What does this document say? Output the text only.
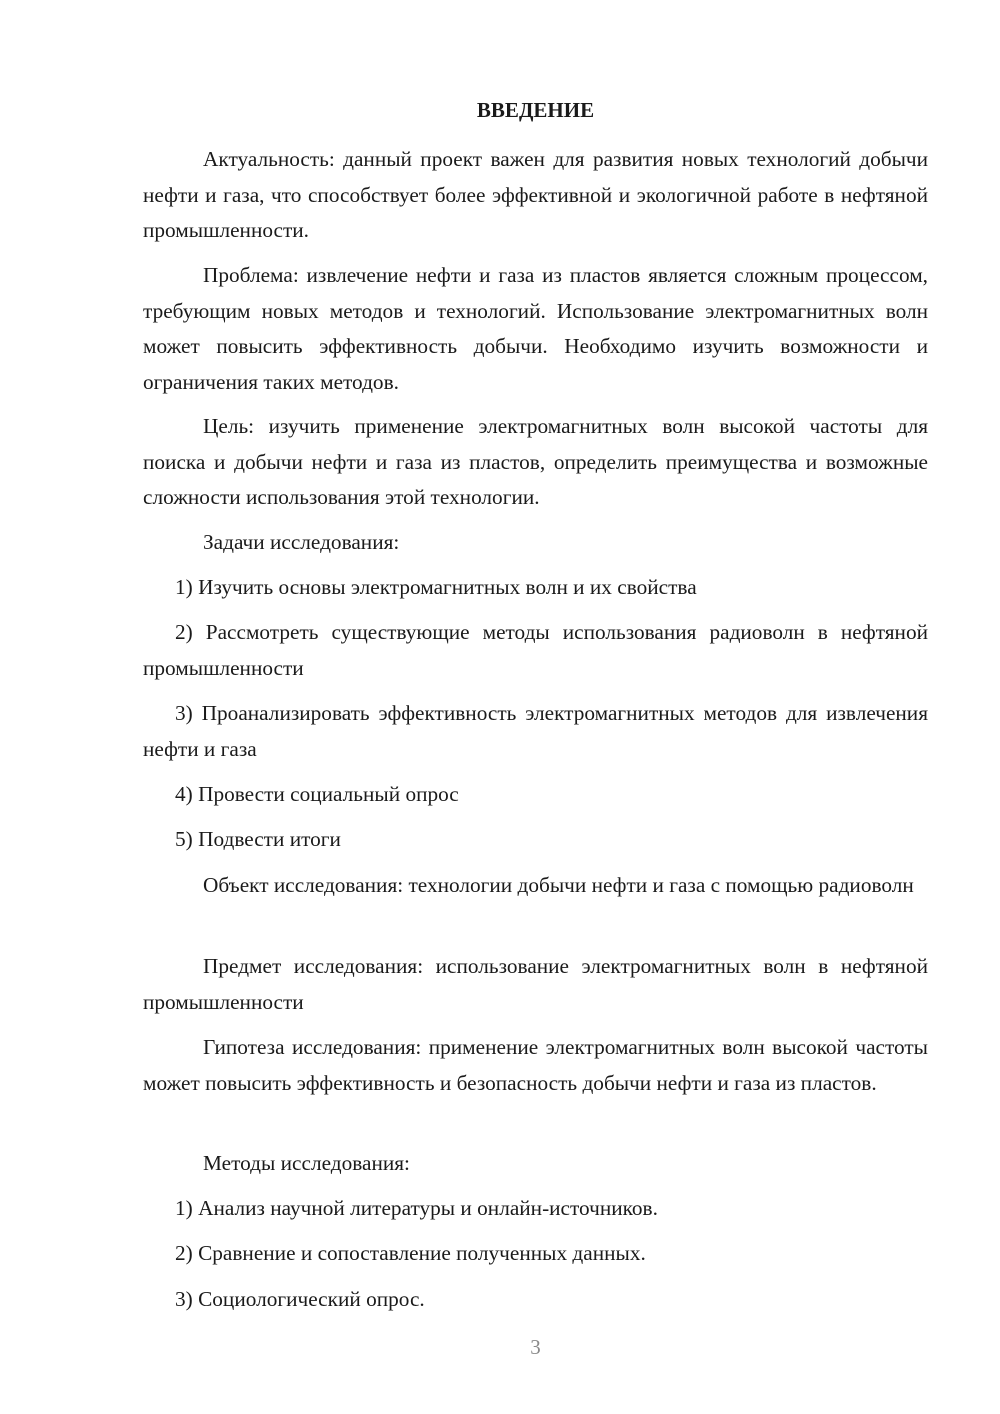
ВВЕДЕНИЕ

Актуальность: данный проект важен для развития новых технологий добычи нефти и газа, что способствует более эффективной и экологичной работе в нефтяной промышленности.

Проблема: извлечение нефти и газа из пластов является сложным процессом, требующим новых методов и технологий. Использование электромагнитных волн может повысить эффективность добычи. Необходимо изучить возможности и ограничения таких методов.

Цель: изучить применение электромагнитных волн высокой частоты для поиска и добычи нефти и газа из пластов, определить преимущества и возможные сложности использования этой технологии.

Задачи исследования:

1) Изучить основы электромагнитных волн и их свойства

2) Рассмотреть существующие методы использования радиоволн в нефтяной промышленности

3) Проанализировать эффективность электромагнитных методов для извлечения нефти и газа

4) Провести социальный опрос

5) Подвести итоги

Объект исследования: технологии добычи нефти и газа с помощью радиоволн

Предмет исследования: использование электромагнитных волн в нефтяной промышленности

Гипотеза исследования: применение электромагнитных волн высокой частоты может повысить эффективность и безопасность добычи нефти и газа из пластов.

Методы исследования:

1) Анализ научной литературы и онлайн-источников.

2) Сравнение и сопоставление полученных данных.

3) Социологический опрос.

3
